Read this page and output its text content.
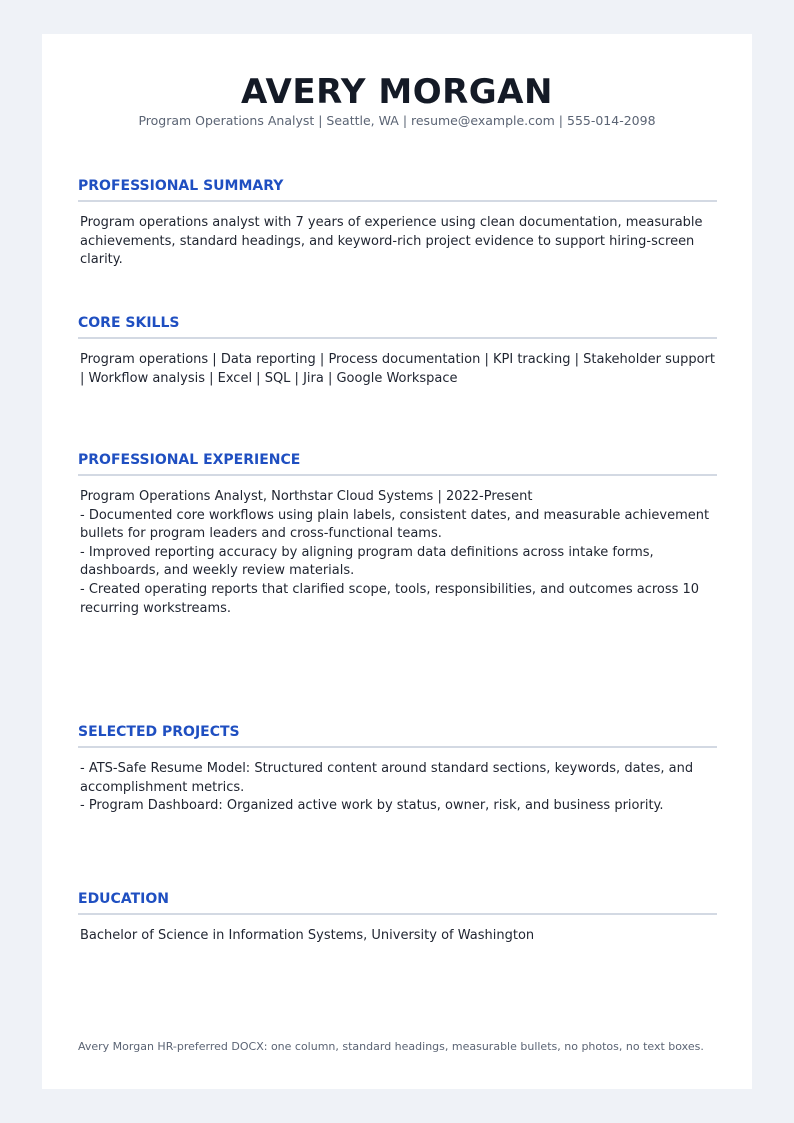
AVERY MORGAN
Program Operations Analyst | Seattle, WA | resume@example.com | 555-014-2098
PROFESSIONAL SUMMARY
Program operations analyst with 7 years of experience using clean documentation, measurable
achievements, standard headings, and keyword-rich project evidence to support hiring-screen
clarity.
CORE SKILLS
Program operations | Data reporting | Process documentation | KPI tracking | Stakeholder support
| Workflow analysis | Excel | SQL | Jira | Google Workspace
PROFESSIONAL EXPERIENCE
Program Operations Analyst, Northstar Cloud Systems | 2022-Present
- Documented core workflows using plain labels, consistent dates, and measurable achievement
bullets for program leaders and cross-functional teams.
- Improved reporting accuracy by aligning program data definitions across intake forms,
dashboards, and weekly review materials.
- Created operating reports that clarified scope, tools, responsibilities, and outcomes across 10
recurring workstreams.
SELECTED PROJECTS
- ATS-Safe Resume Model: Structured content around standard sections, keywords, dates, and
accomplishment metrics.
- Program Dashboard: Organized active work by status, owner, risk, and business priority.
EDUCATION
Bachelor of Science in Information Systems, University of Washington
Avery Morgan HR-preferred DOCX: one column, standard headings, measurable bullets, no photos, no text boxes.
